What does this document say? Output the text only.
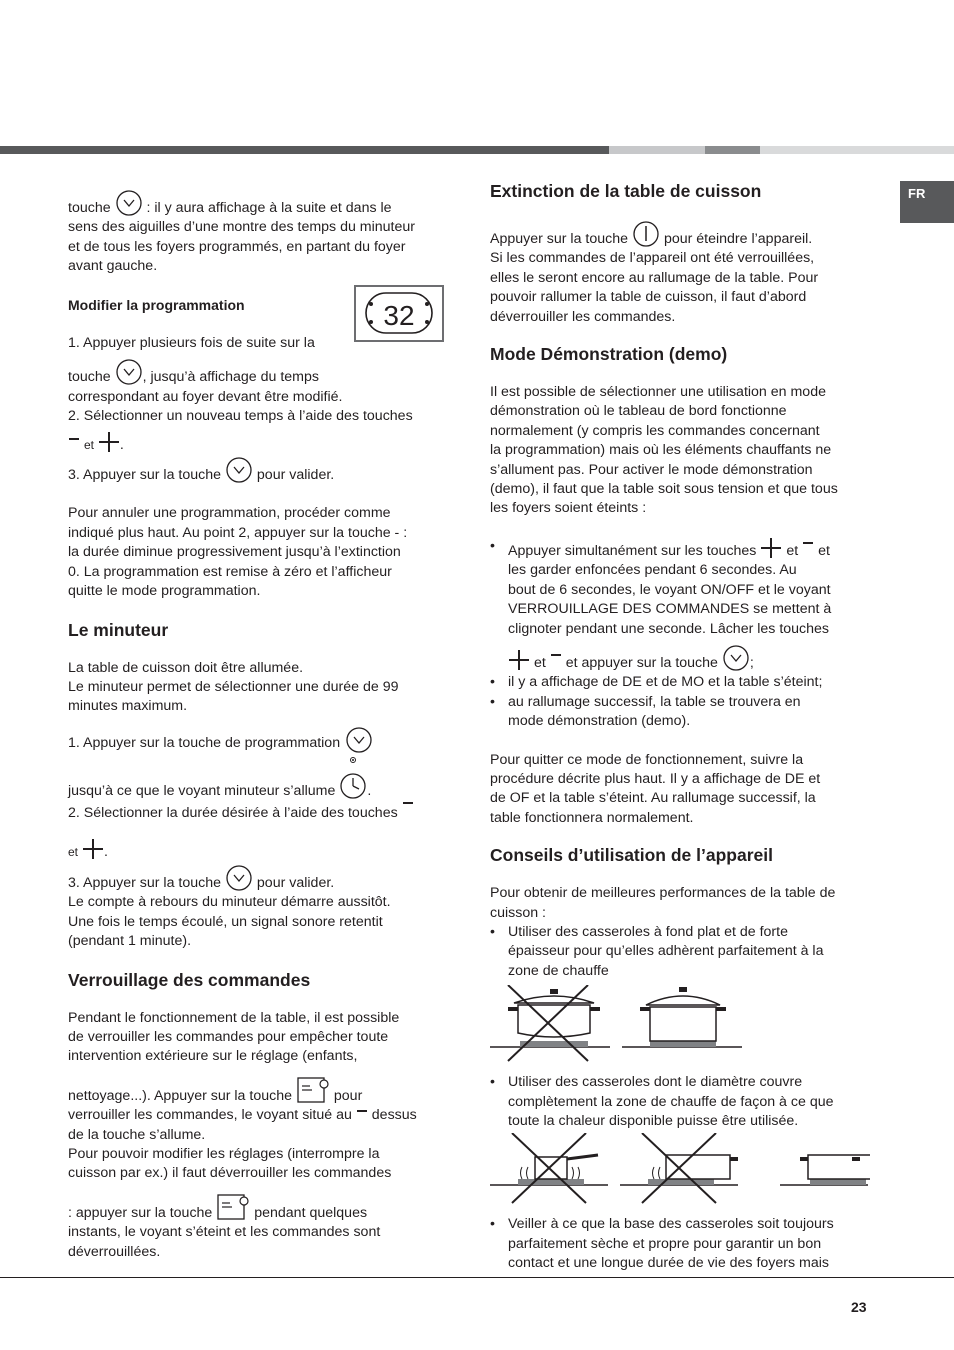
FR

touche	: il y aura affichage à la suite et dans le

sens des aiguilles d’une montre des temps du minuteur

et de tous les foyers programmés, en partant du foyer

avant gauche.

Modifier la programmation

1. Appuyer plusieurs fois de suite sur la

touche , jusqu’à affichage du temps

correspondant au foyer devant être modifié.

2. Sélectionner un nouveau temps à l’aide des touches

et .

3. Appuyer sur la touche	pour valider.

Pour annuler une programmation, procéder comme

indiqué plus haut. Au point 2, appuyer sur la touche - :

la durée diminue progressivement jusqu’à l’extinction

0. La programmation est remise à zéro et l’afficheur

quitte le mode programmation.

Le minuteur

La table de cuisson doit être allumée.

Le minuteur permet de sélectionner une durée de 99

minutes maximum.

1. Appuyer sur la touche de programmation

jusqu’à ce que le voyant minuteur s’allume .

2. Sélectionner la durée désirée à l’aide des touches

et .

3. Appuyer sur la touche	pour valider.

Le compte à rebours du minuteur démarre aussitôt.

Une fois le temps écoulé, un signal sonore retentit

(pendant 1 minute).

Verrouillage des commandes

Pendant le fonctionnement de la table, il est possible

de verrouiller les commandes pour empêcher toute

intervention extérieure sur le réglage (enfants,

nettoyage...). Appuyer sur la touche	pour

verrouiller les commandes, le voyant situé au dessus

de la touche s’allume.

Pour pouvoir modifier les réglages (interrompre la

cuisson par ex.) il faut déverrouiller les commandes

: appuyer sur la touche	pendant quelques

instants, le voyant s’éteint et les commandes sont

déverrouillées.

32
Extinction de la table de cuisson

Appuyer sur la touche	pour éteindre l’appareil.

Si les commandes de l’appareil ont été verrouillées,

elles le seront encore au rallumage de la table. Pour

pouvoir rallumer la table de cuisson, il faut d’abord

déverrouiller les commandes.

Mode Démonstration (demo)

Il est possible de sélectionner une utilisation en mode

démonstration où le tableau de bord fonctionne

normalement (y compris les commandes concernant

la programmation) mais où les éléments chauffants ne

s’allument pas. Pour activer le mode démonstration

(demo), il faut que la table soit sous tension et que tous

les foyers soient éteints :

• Appuyer simultanément sur les touches et et
les garder enfoncées pendant 6 secondes. Au
bout de 6 secondes, le voyant ON/OFF et le voyant
VERROUILLAGE DES COMMANDES se mettent à
clignoter pendant une seconde. Lâcher les touches

et et appuyer sur la touche ;
• il y a affichage de DE et de MO et la table s’éteint;
• au rallumage successif, la table se trouvera en
mode démonstration (demo).

Pour quitter ce mode de fonctionnement, suivre la

procédure décrite plus haut. Il y a affichage de DE et

de OF et la table s’éteint. Au rallumage successif, la

table fonctionnera normalement.

Conseils d’utilisation de l’appareil

Pour obtenir de meilleures performances de la table de

cuisson :

• Utiliser des casseroles à fond plat et de forte
épaisseur pour qu’elles adhèrent parfaitement à la
zone de chauffe
• Utiliser des casseroles dont le diamètre couvre
complètement la zone de chauffe de façon à ce que
toute la chaleur disponible puisse être utilisée.
• Veiller à ce que la base des casseroles soit toujours
parfaitement sèche et propre pour garantir un bon
contact et une longue durée de vie des foyers mais
23
